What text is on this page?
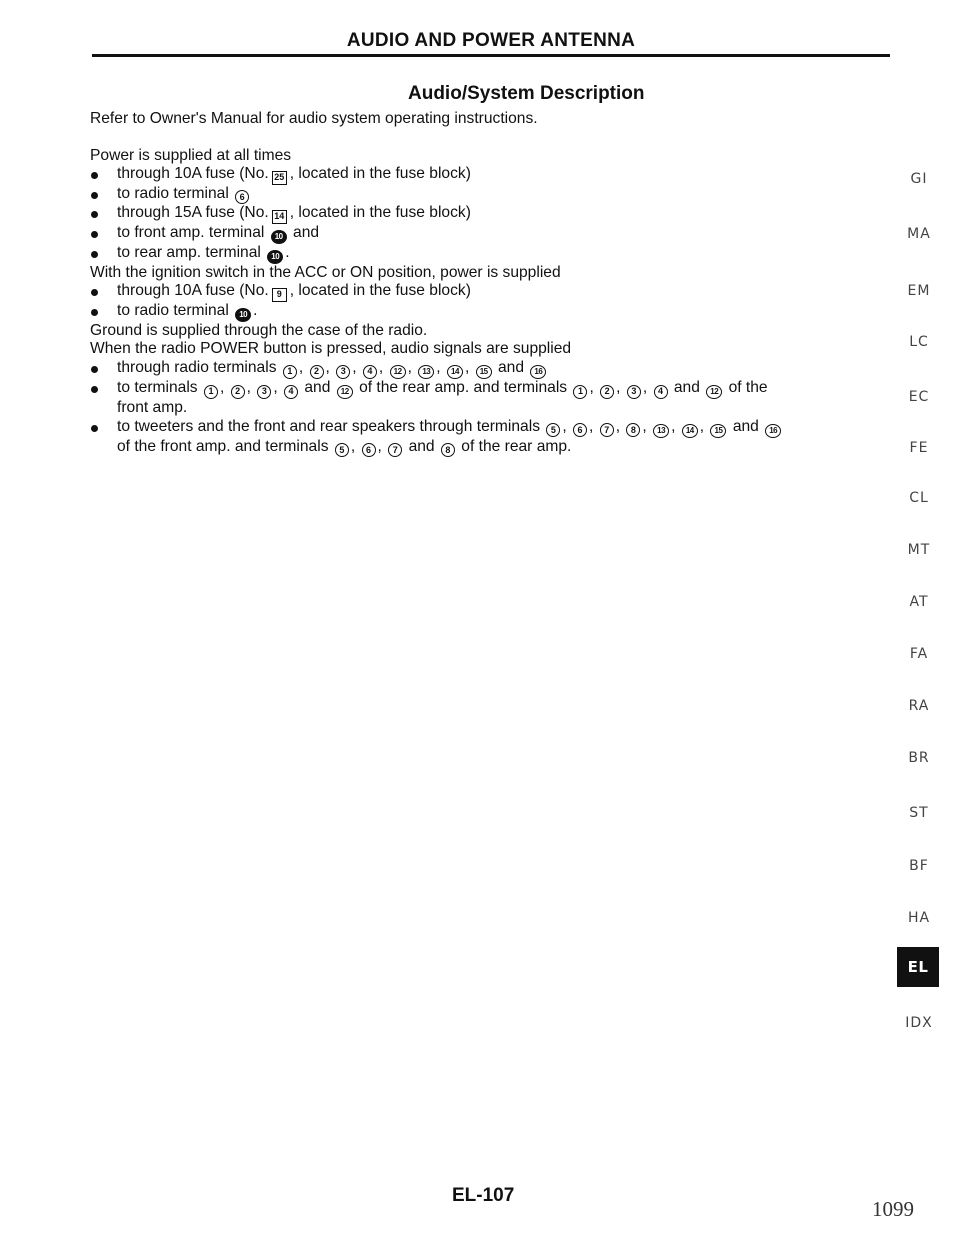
AUDIO AND POWER ANTENNA
Audio/System Description

Refer to Owner's Manual for audio system operating instructions.

Power is supplied at all times

through 10A fuse (No. 25 , located in the fuse block)

to radio terminal 6

through 15A fuse (No. 14 , located in the fuse block)

to front amp. terminal 10 and

to rear amp. terminal 10 .

With the ignition switch in the ACC or ON position, power is supplied

through 10A fuse (No. 9 , located in the fuse block)

to radio terminal 10 .

Ground is supplied through the case of the radio.

When the radio POWER button is pressed, audio signals are supplied

through radio terminals 1 , 2 , 3 , 4 , 12 , 13 , 14 , 15 and 16

to terminals 1 , 2 , 3 , 4 and 12 of the rear amp. and terminals 1 , 2 , 3 , 4 and 12 of the
front amp.

to tweeters and the front and rear speakers through terminals 5 , 6 , 7 , 8 , 13 , 14 , 15 and 16
of the front amp. and terminals 5 , 6 , 7 and 8 of the rear amp.

GI
MA
EM
LC
EC
FE
CL
MT
AT
FA
RA
BR
ST
BF
HA
EL
IDX
EL-107
1099
